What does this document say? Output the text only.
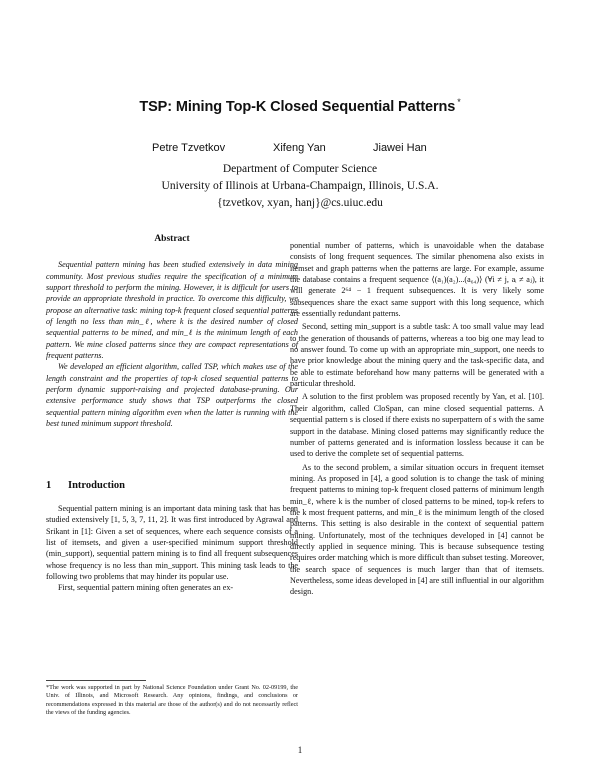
TSP: Mining Top-K Closed Sequential Patterns *
Petre Tzvetkov	Xifeng Yan	Jiawei Han
Department of Computer Science
University of Illinois at Urbana-Champaign, Illinois, U.S.A.
{tzvetkov, xyan, hanj}@cs.uiuc.edu
Abstract

Sequential pattern mining has been studied extensively in data mining community. Most previous studies require the specification of a minimum support threshold to perform the mining. However, it is difficult for users to provide an appropriate threshold in practice. To overcome this difficulty, we propose an alternative task: mining top-k frequent closed sequential patterns of length no less than min_ℓ, where k is the desired number of closed sequential patterns to be mined, and min_ℓ is the minimum length of each pattern. We mine closed patterns since they are compact representations of frequent patterns.

We developed an efficient algorithm, called TSP, which makes use of the length constraint and the properties of top-k closed sequential patterns to perform dynamic support-raising and projected database-pruning. Our extensive performance study shows that TSP outperforms the closed sequential pattern mining algorithm even when the latter is running with the best tuned minimum support threshold.

1 Introduction

Sequential pattern mining is an important data mining task that has been studied extensively [1, 5, 3, 7, 11, 2]. It was first introduced by Agrawal and Srikant in [1]: Given a set of sequences, where each sequence consists of a list of itemsets, and given a user-specified minimum support threshold (min_support), sequential pattern mining is to find all frequent subsequences whose frequency is no less than min_support. This mining task leads to the following two problems that may hinder its popular use.

First, sequential pattern mining often generates an ex-

ponential number of patterns, which is unavoidable when the database consists of long frequent sequences. The similar phenomena also exists in itemset and graph patterns when the patterns are large. For example, assume the database contains a frequent sequence ⟨(a₁)(a₂)...(a₆₄)⟩ (∀i ≠ j, aᵢ ≠ aⱼ), it will generate 2⁶⁴ − 1 frequent subsequences. It is very likely some subsequences share the exact same support with this long sequence, which are essentially redundant patterns.

Second, setting min_support is a subtle task: A too small value may lead to the generation of thousands of patterns, whereas a too big one may lead to no answer found. To come up with an appropriate min_support, one needs to have prior knowledge about the mining query and the task-specific data, and be able to estimate beforehand how many patterns will be generated with a particular threshold.

A solution to the first problem was proposed recently by Yan, et al. [10]. Their algorithm, called CloSpan, can mine closed sequential patterns. A sequential pattern s is closed if there exists no superpattern of s with the same support in the database. Mining closed patterns may significantly reduce the number of patterns generated and is information lossless because it can be used to derive the complete set of sequential patterns.

As to the second problem, a similar situation occurs in frequent itemset mining. As proposed in [4], a good solution is to change the task of mining frequent patterns to mining top-k frequent closed patterns of minimum length min_ℓ, where k is the number of closed patterns to be mined, top-k refers to the k most frequent patterns, and min_ℓ is the minimum length of the closed patterns. This setting is also desirable in the context of sequential pattern mining. Unfortunately, most of the techniques developed in [4] cannot be directly applied in sequence mining. This is because subsequence testing requires order matching which is more difficult than subset testing. Moreover, the search space of sequences is much larger than that of itemsets. Nevertheless, some ideas developed in [4] are still influential in our algorithm design.

*The work was supported in part by National Science Foundation under Grant No. 02-09199, the Univ. of Illinois, and Microsoft Research. Any opinions, findings, and conclusions or recommendations expressed in this material are those of the author(s) and do not necessarily reflect the views of the funding agencies.
1
